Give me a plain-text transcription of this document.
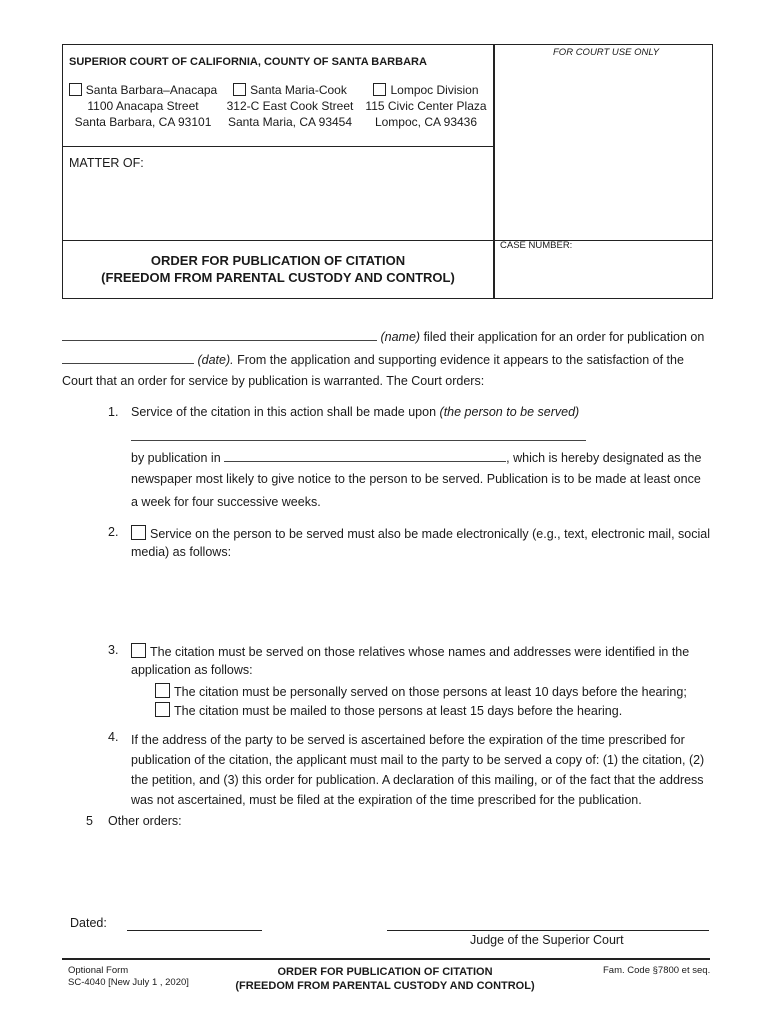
FOR COURT USE ONLY
SUPERIOR COURT OF CALIFORNIA, COUNTY OF SANTA BARBARA
Santa Barbara–Anacapa
1100 Anacapa Street
Santa Barbara, CA 93101
Santa Maria-Cook
312-C East Cook Street
Santa Maria, CA 93454
Lompoc Division
115 Civic Center Plaza
Lompoc, CA 93436
MATTER OF:
CASE NUMBER:
ORDER FOR PUBLICATION OF CITATION
(FREEDOM FROM PARENTAL CUSTODY AND CONTROL)
(name) filed their application for an order for publication on
(date). From the application and supporting evidence it appears to the satisfaction of the
Court that an order for service by publication is warranted. The Court orders:
1. Service of the citation in this action shall be made upon (the person to be served)
by publication in	, which is hereby designated as the
newspaper most likely to give notice to the person to be served. Publication is to be made at least once
a week for four successive weeks.
2.	Service on the person to be served must also be made electronically (e.g., text, electronic mail, social
media) as follows:
3.	The citation must be served on those relatives whose names and addresses were identified in the
application as follows:
The citation must be personally served on those persons at least 10 days before the hearing;
The citation must be mailed to those persons at least 15 days before the hearing.
4. If the address of the party to be served is ascertained before the expiration of the time prescribed for
publication of the citation, the applicant must mail to the party to be served a copy of: (1) the citation, (2)
the petition, and (3) this order for publication. A declaration of this mailing, or of the fact that the address
was not ascertained, must be filed at the expiration of the time prescribed for the publication.
5 Other orders:
Dated:
Judge of the Superior Court
Optional Form
SC-4040 [New July 1 , 2020]
ORDER FOR PUBLICATION OF CITATION
(FREEDOM FROM PARENTAL CUSTODY AND CONTROL)
Fam. Code §7800 et seq.
